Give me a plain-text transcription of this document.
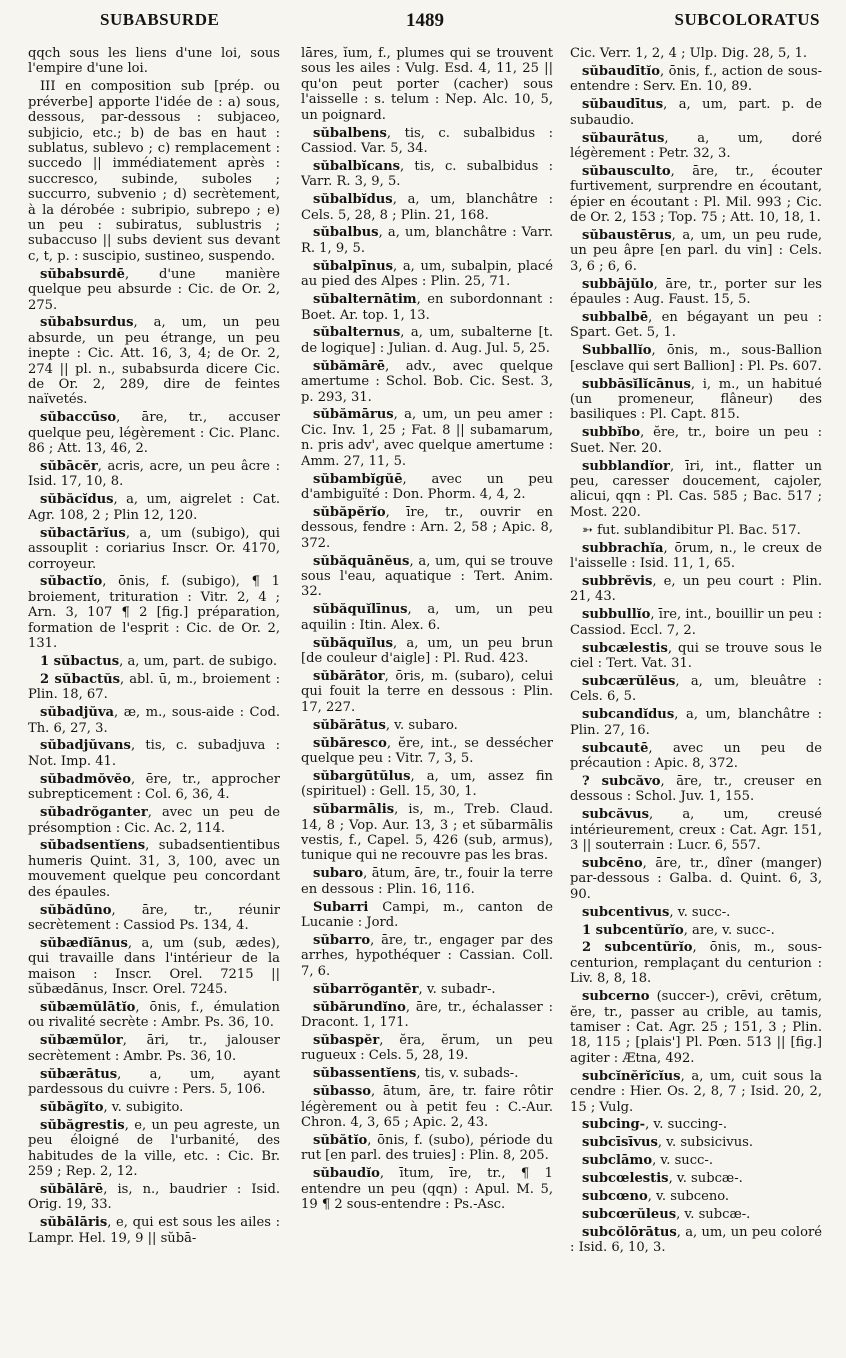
SUBABSURDE	1489	SUBCOLORATUS

qqch sous les liens d'une loi, sous l'empire d'une loi.

III en composition sub [prép. ou préverbe] apporte l'idée de : a) sous, dessous, par-dessous : subjaceo, subjicio, etc.; b) de bas en haut : sublatus, sublevo ; c) remplacement : succedo || immédiatement après : succresco, subinde, suboles ; succurro, subvenio ; d) secrètement, à la dérobée : subripio, subrepo ; e) un peu : subiratus, sublustris ; subaccuso || subs devient sus devant c, t, p. : suscipio, sustineo, suspendo.

sŭbabsurdē, d'une manière quelque peu absurde : Cic. de Or. 2, 275.

sŭbabsurdus, a, um, un peu absurde, un peu étrange, un peu inepte : Cic. Att. 16, 3, 4; de Or. 2, 274 || pl. n., subabsurda dicere Cic. de Or. 2, 289, dire de feintes naïvetés.

sŭbaccūso, āre, tr., accuser quelque peu, légèrement : Cic. Planc. 86 ; Att. 13, 46, 2.

sŭbācĕr, acris, acre, un peu âcre : Isid. 17, 10, 8.

sŭbăcĭdus, a, um, aigrelet : Cat. Agr. 108, 2 ; Plin 12, 120.

sŭbactārĭus, a, um (subigo), qui assouplit : coriarius Inscr. Or. 4170, corroyeur.

sŭbactĭo, ōnis, f. (subigo), ¶ 1 broiement, trituration : Vitr. 2, 4 ; Arn. 3, 107 ¶ 2 [fig.] préparation, formation de l'esprit : Cic. de Or. 2, 131.

1 sŭbactus, a, um, part. de subigo.

2 sŭbactŭs, abl. ū, m., broiement : Plin. 18, 67.

sŭbadjŭva, æ, m., sous-aide : Cod. Th. 6, 27, 3.

sŭbadjŭvans, tis, c. subadjuva : Not. Imp. 41.

sŭbadmŏvĕo, ēre, tr., approcher subrepticement : Col. 6, 36, 4.

sŭbadrŏganter, avec un peu de présomption : Cic. Ac. 2, 114.

sŭbadsentĭens, subadsentientibus humeris Quint. 31, 3, 100, avec un mouvement quelque peu concordant des épaules.

sŭbădūno, āre, tr., réunir secrètement : Cassiod Ps. 134, 4.

sŭbædĭānus, a, um (sub, ædes), qui travaille dans l'intérieur de la maison : Inscr. Orel. 7215 || sŭbædānus, Inscr. Orel. 7245.

sŭbæmŭlātĭo, ōnis, f., émulation ou rivalité secrète : Ambr. Ps. 36, 10.

sŭbæmŭlor, āri, tr., jalouser secrètement : Ambr. Ps. 36, 10.

sŭbærātus, a, um, ayant pardessous du cuivre : Pers. 5, 106.

sŭbăgĭto, v. subigito.

sŭbăgrestis, e, un peu agreste, un peu éloigné de l'urbanité, des habitudes de la ville, etc. : Cic. Br. 259 ; Rep. 2, 12.

sŭbālārē, is, n., baudrier : Isid. Orig. 19, 33.

sŭbālāris, e, qui est sous les ailes : Lampr. Hel. 19, 9 || sŭbā-

lāres, ĭum, f., plumes qui se trouvent sous les ailes : Vulg. Esd. 4, 11, 25 || qu'on peut porter (cacher) sous l'aisselle : s. telum : Nep. Alc. 10, 5, un poignard.

sŭbalbens, tis, c. subalbidus : Cassiod. Var. 5, 34.

sŭbalbĭcans, tis, c. subalbidus : Varr. R. 3, 9, 5.

sŭbalbĭdus, a, um, blanchâtre : Cels. 5, 28, 8 ; Plin. 21, 168.

sŭbalbus, a, um, blanchâtre : Varr. R. 1, 9, 5.

sŭbalpīnus, a, um, subalpin, placé au pied des Alpes : Plin. 25, 71.

sŭbalternātim, en subordonnant : Boet. Ar. top. 1, 13.

sŭbalternus, a, um, subalterne [t. de logique] : Julian. d. Aug. Jul. 5, 25.

sŭbămārē, adv., avec quelque amertume : Schol. Bob. Cic. Sest. 3, p. 293, 31.

sŭbămārus, a, um, un peu amer : Cic. Inv. 1, 25 ; Fat. 8 || subamarum, n. pris adv', avec quelque amertume : Amm. 27, 11, 5.

sŭbambĭgŭē, avec un peu d'ambiguïté : Don. Phorm. 4, 4, 2.

sŭbăpĕrĭo, īre, tr., ouvrir en dessous, fendre : Arn. 2, 58 ; Apic. 8, 372.

sŭbăquānĕus, a, um, qui se trouve sous l'eau, aquatique : Tert. Anim. 32.

sŭbăquĭlīnus, a, um, un peu aquilin : Itin. Alex. 6.

sŭbăquĭlus, a, um, un peu brun [de couleur d'aigle] : Pl. Rud. 423.

sŭbărātor, ōris, m. (subaro), celui qui fouit la terre en dessous : Plin. 17, 227.

sŭbărātus, v. subaro.

sŭbăresco, ĕre, int., se dessécher quelque peu : Vitr. 7, 3, 5.

sŭbargūtŭlus, a, um, assez fin (spirituel) : Gell. 15, 30, 1.

sŭbarmālis, is, m., Treb. Claud. 14, 8 ; Vop. Aur. 13, 3 ; et sŭbarmālis vestis, f., Capel. 5, 426 (sub, armus), tunique qui ne recouvre pas les bras.

subaro, ātum, āre, tr., fouir la terre en dessous : Plin. 16, 116.

Subarri Campi, m., canton de Lucanie : Jord.

sŭbarro, āre, tr., engager par des arrhes, hypothéquer : Cassian. Coll. 7, 6.

sŭbarrŏgantĕr, v. subadr-.

sŭbărundĭno, āre, tr., échalasser : Dracont. 1, 171.

sŭbaspĕr, ĕra, ĕrum, un peu rugueux : Cels. 5, 28, 19.

sŭbassentĭens, tis, v. subads-.

sŭbasso, ātum, āre, tr. faire rôtir légèrement ou à petit feu : C.-Aur. Chron. 4, 3, 65 ; Apic. 2, 43.

sŭbătĭo, ōnis, f. (subo), période du rut [en parl. des truies] : Plin. 8, 205.

sŭbaudĭo, ītum, īre, tr., ¶ 1 entendre un peu (qqn) : Apul. M. 5, 19 ¶ 2 sous-entendre : Ps.-Asc.

Cic. Verr. 1, 2, 4 ; Ulp. Dig. 28, 5, 1.

sŭbaudītĭo, ōnis, f., action de sous-entendre : Serv. En. 10, 89.

sŭbaudītus, a, um, part. p. de subaudio.

sŭbaurātus, a, um, doré légèrement : Petr. 32, 3.

sŭbausculto, āre, tr., écouter furtivement, surprendre en écoutant, épier en écoutant : Pl. Mil. 993 ; Cic. de Or. 2, 153 ; Top. 75 ; Att. 10, 18, 1.

sŭbaustērus, a, um, un peu rude, un peu âpre [en parl. du vin] : Cels. 3, 6 ; 6, 6.

subbājŭlo, āre, tr., porter sur les épaules : Aug. Faust. 15, 5.

subbalbē, en bégayant un peu : Spart. Get. 5, 1.

Subballĭo, ōnis, m., sous-Ballion [esclave qui sert Ballion] : Pl. Ps. 607.

subbāsĭlĭcānus, i, m., un habitué (un promeneur, flâneur) des basiliques : Pl. Capt. 815.

subbĭbo, ĕre, tr., boire un peu : Suet. Ner. 20.

subblandĭor, īri, int., flatter un peu, caresser doucement, cajoler, alicui, qqn : Pl. Cas. 585 ; Bac. 517 ; Most. 220.

➳ fut. sublandibitur Pl. Bac. 517.

subbrachĭa, ōrum, n., le creux de l'aisselle : Isid. 11, 1, 65.

subbrĕvis, e, un peu court : Plin. 21, 43.

subbullĭo, īre, int., bouillir un peu : Cassiod. Eccl. 7, 2.

subcælestis, qui se trouve sous le ciel : Tert. Vat. 31.

subcærŭlĕus, a, um, bleuâtre : Cels. 6, 5.

subcandĭdus, a, um, blanchâtre : Plin. 27, 16.

subcautē, avec un peu de précaution : Apic. 8, 372.

? subcăvo, āre, tr., creuser en dessous : Schol. Juv. 1, 155.

subcăvus, a, um, creusé intérieurement, creux : Cat. Agr. 151, 3 || souterrain : Lucr. 6, 557.

subcēno, āre, tr., dîner (manger) par-dessous : Galba. d. Quint. 6, 3, 90.

subcentivus, v. succ-.

1 subcentŭrĭo, are, v. succ-.

2 subcentŭrĭo, ōnis, m., sous-centurion, remplaçant du centurion : Liv. 8, 8, 18.

subcerno (succer-), crēvi, crētum, ĕre, tr., passer au crible, au tamis, tamiser : Cat. Agr. 25 ; 151, 3 ; Plin. 18, 115 ; [plais'] Pl. Pœn. 513 || [fig.] agiter : Ætna, 492.

subcĭnĕrĭcĭus, a, um, cuit sous la cendre : Hier. Os. 2, 8, 7 ; Isid. 20, 2, 15 ; Vulg.

subcing-, v. succing-.

subcīsīvus, v. subsicivus.

subclāmo, v. succ-.

subcœlestis, v. subcæ-.

subcœno, v. subceno.

subcœrŭleus, v. subcæ-.

subcŏlōrātus, a, um, un peu coloré : Isid. 6, 10, 3.
